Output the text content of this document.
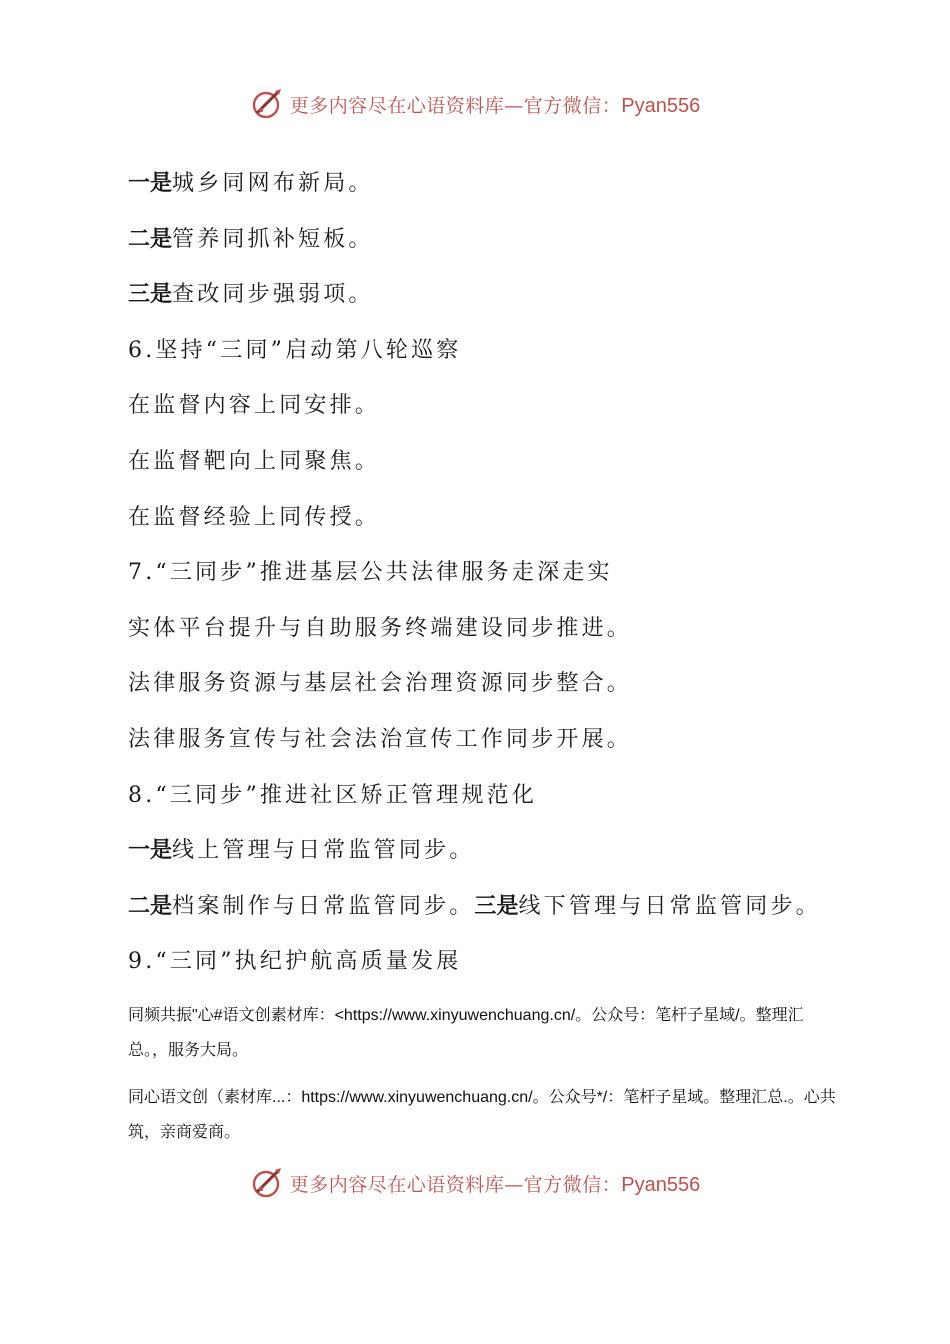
更多内容尽在心语资料库—官方微信：Pyan556
一是城乡同网布新局。
二是管养同抓补短板。
三是查改同步强弱项。
6.坚持“三同”启动第八轮巡察
在监督内容上同安排。
在监督靶向上同聚焦。
在监督经验上同传授。
7.“三同步”推进基层公共法律服务走深走实
实体平台提升与自助服务终端建设同步推进。
法律服务资源与基层社会治理资源同步整合。
法律服务宣传与社会法治宣传工作同步开展。
8.“三同步”推进社区矫正管理规范化
一是线上管理与日常监管同步。
二是档案制作与日常监管同步。三是线下管理与日常监管同步。
9.“三同”执纪护航高质量发展
同频共振"心#语文创素材库：<https://www.xinyuwenchuang.cn/。公众号：笔杆子星域/。整理汇总。，服务大局。
同心语文创（素材库...：https://www.xinyuwenchuang.cn/。公众号*/：笔杆子星域。整理汇总.。心共筑，亲商爱商。
更多内容尽在心语资料库—官方微信：Pyan556
